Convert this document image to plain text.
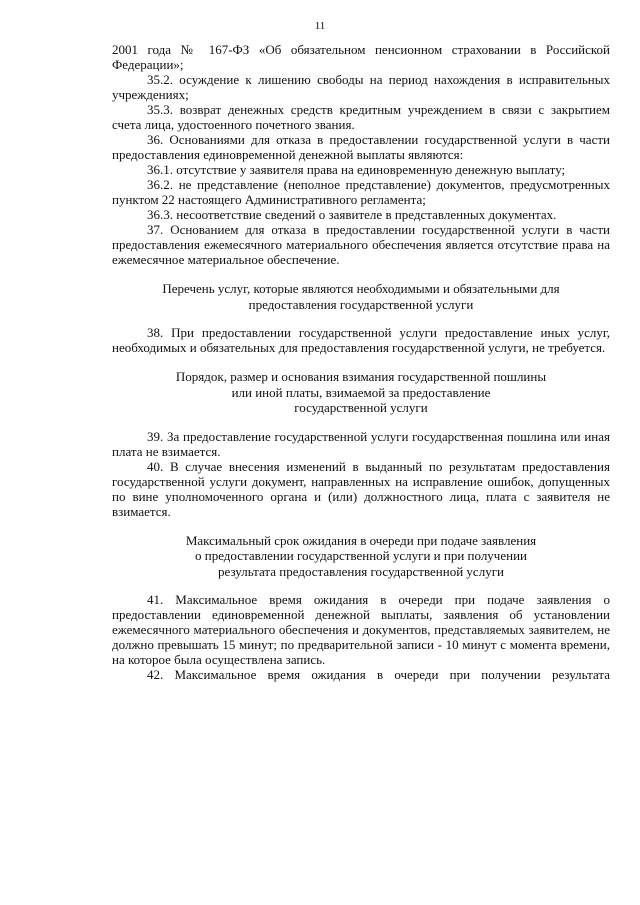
11

2001 года № 167-ФЗ «Об обязательном пенсионном страховании в Российской Федерации»;

35.2. осуждение к лишению свободы на период нахождения в исправительных учреждениях;

35.3. возврат денежных средств кредитным учреждением в связи с закрытием счета лица, удостоенного почетного звания.

36. Основаниями для отказа в предоставлении государственной услуги в части предоставления единовременной денежной выплаты являются:

36.1. отсутствие у заявителя права на единовременную денежную выплату;

36.2. не представление (неполное представление) документов, предусмотренных пунктом 22 настоящего Административного регламента;

36.3. несоответствие сведений о заявителе в представленных документах.

37. Основанием для отказа в предоставлении государственной услуги в части предоставления ежемесячного материального обеспечения является отсутствие права на ежемесячное материальное обеспечение.

Перечень услуг, которые являются необходимыми и обязательными для

предоставления государственной услуги

38. При предоставлении государственной услуги предоставление иных услуг, необходимых и обязательных для предоставления государственной услуги, не требуется.

Порядок, размер и основания взимания государственной пошлины

или иной платы, взимаемой за предоставление

государственной услуги

39. За предоставление государственной услуги государственная пошлина или иная плата не взимается.

40. В случае внесения изменений в выданный по результатам предоставления государственной услуги документ, направленных на исправление ошибок, допущенных по вине уполномоченного органа и (или) должностного лица, плата с заявителя не взимается.

Максимальный срок ожидания в очереди при подаче заявления

о предоставлении государственной услуги и при получении

результата предоставления государственной услуги

41. Максимальное время ожидания в очереди при подаче заявления о предоставлении единовременной денежной выплаты, заявления об установлении ежемесячного материального обеспечения и документов, представляемых заявителем, не должно превышать 15 минут; по предварительной записи - 10 минут с момента времени, на которое была осуществлена запись.

42. Максимальное время ожидания в очереди при получении результата
